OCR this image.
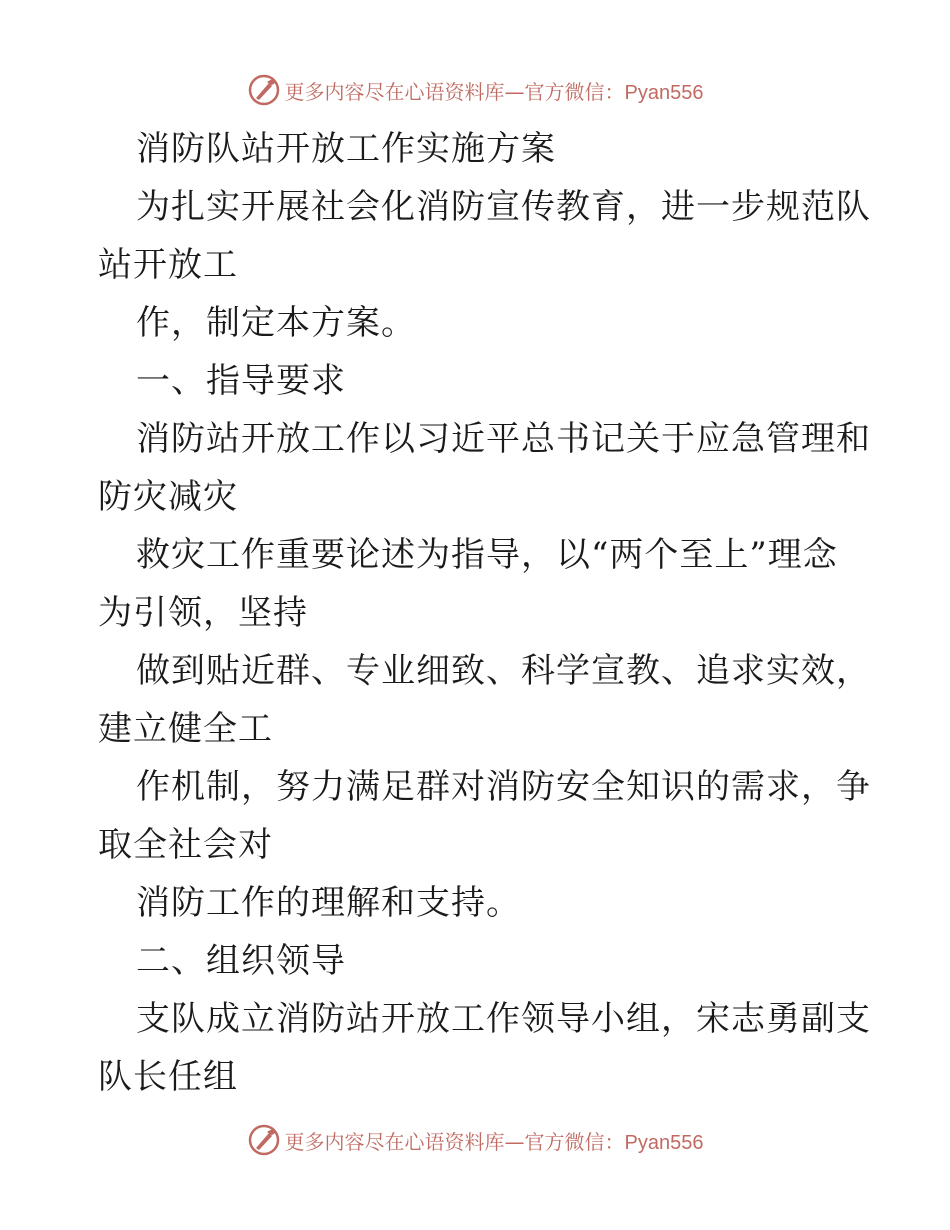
更多内容尽在心语资料库—官方微信：Pyan556
消防队站开放工作实施方案
为扎实开展社会化消防宣传教育，进一步规范队
站开放工
作，制定本方案。
一、指导要求
消防站开放工作以习近平总书记关于应急管理和
防灾减灾
救灾工作重要论述为指导，以“两个至上”理念
为引领，坚持
做到贴近群、专业细致、科学宣教、追求实效，
建立健全工
作机制，努力满足群对消防安全知识的需求，争
取全社会对
消防工作的理解和支持。
二、组织领导
支队成立消防站开放工作领导小组，宋志勇副支
队长任组
更多内容尽在心语资料库—官方微信：Pyan556
